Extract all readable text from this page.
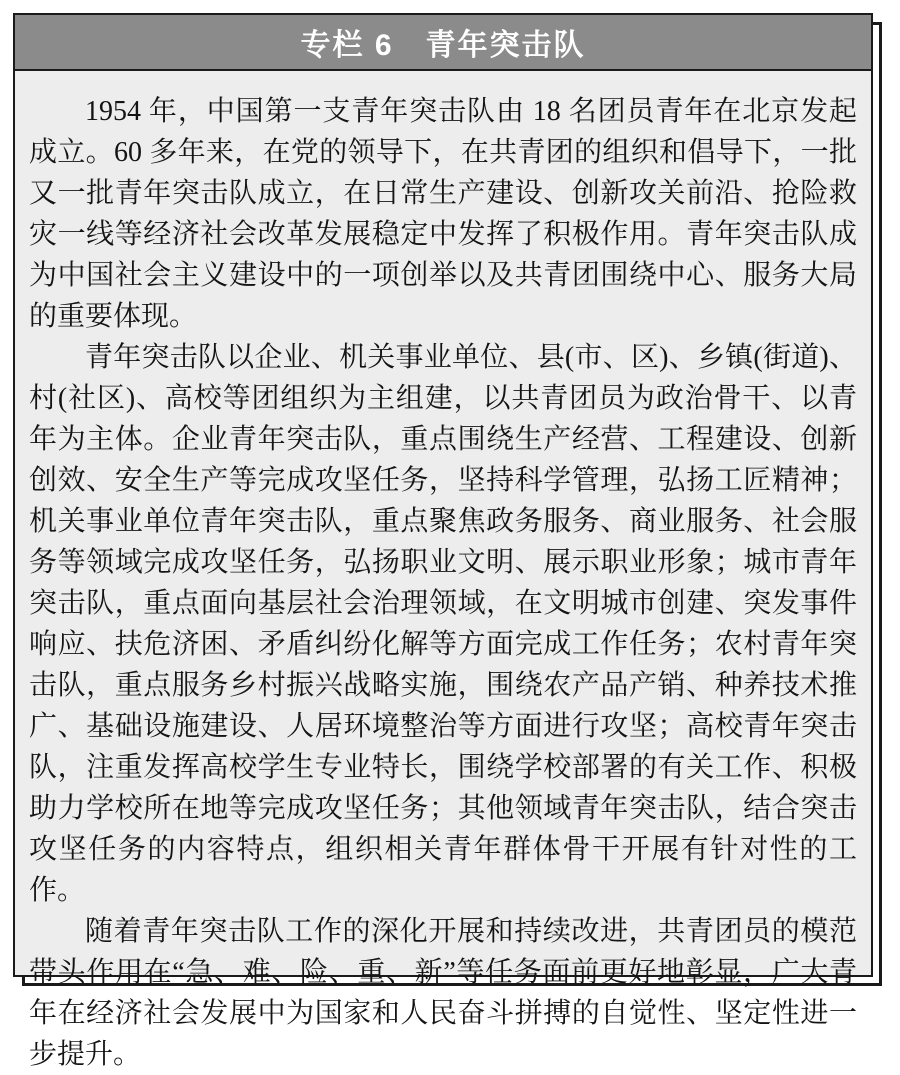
专栏 6　青年突击队

1954 年，中国第一支青年突击队由 18 名团员青年在北京发起成立。60 多年来，在党的领导下，在共青团的组织和倡导下，一批又一批青年突击队成立，在日常生产建设、创新攻关前沿、抢险救灾一线等经济社会改革发展稳定中发挥了积极作用。青年突击队成为中国社会主义建设中的一项创举以及共青团围绕中心、服务大局的重要体现。

青年突击队以企业、机关事业单位、县(市、区)、乡镇(街道)、村(社区)、高校等团组织为主组建，以共青团员为政治骨干、以青年为主体。企业青年突击队，重点围绕生产经营、工程建设、创新创效、安全生产等完成攻坚任务，坚持科学管理，弘扬工匠精神；机关事业单位青年突击队，重点聚焦政务服务、商业服务、社会服务等领域完成攻坚任务，弘扬职业文明、展示职业形象；城市青年突击队，重点面向基层社会治理领域，在文明城市创建、突发事件响应、扶危济困、矛盾纠纷化解等方面完成工作任务；农村青年突击队，重点服务乡村振兴战略实施，围绕农产品产销、种养技术推广、基础设施建设、人居环境整治等方面进行攻坚；高校青年突击队，注重发挥高校学生专业特长，围绕学校部署的有关工作、积极助力学校所在地等完成攻坚任务；其他领域青年突击队，结合突击攻坚任务的内容特点，组织相关青年群体骨干开展有针对性的工作。

随着青年突击队工作的深化开展和持续改进，共青团员的模范带头作用在“急、难、险、重、新”等任务面前更好地彰显，广大青年在经济社会发展中为国家和人民奋斗拼搏的自觉性、坚定性进一步提升。
